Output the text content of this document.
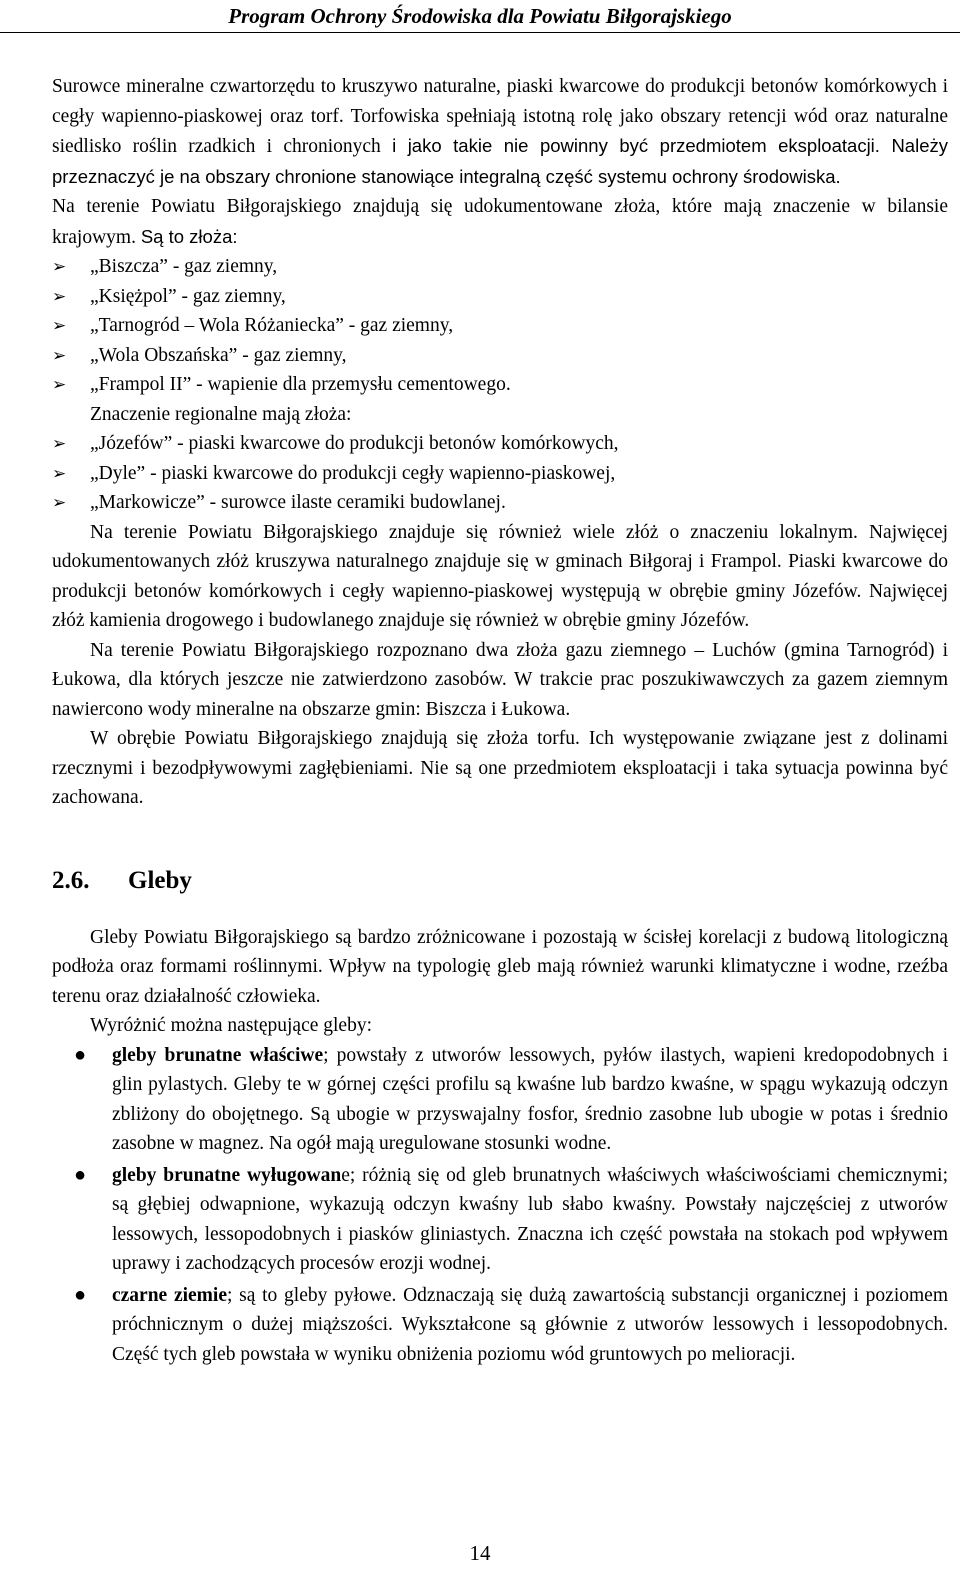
Program Ochrony Środowiska dla Powiatu Biłgorajskiego

Surowce mineralne czwartorzędu to kruszywo naturalne, piaski kwarcowe do produkcji betonów komórkowych i cegły wapienno-piaskowej oraz torf. Torfowiska spełniają istotną rolę jako obszary retencji wód oraz naturalne siedlisko roślin rzadkich i chronionych i jako takie nie powinny być przedmiotem eksploatacji. Należy przeznaczyć je na obszary chronione stanowiące integralną część systemu ochrony środowiska.

Na terenie Powiatu Biłgorajskiego znajdują się udokumentowane złoża, które mają znaczenie w bilansie krajowym. Są to złoża:

➢ „Biszcza” - gaz ziemny,
➢ „Księżpol” - gaz ziemny,
➢ „Tarnogród – Wola Różaniecka” - gaz ziemny,
➢ „Wola Obszańska” - gaz ziemny,
➢ „Frampol II” - wapienie dla przemysłu cementowego.

Znaczenie regionalne mają złoża:

➢ „Józefów” - piaski kwarcowe do produkcji betonów komórkowych,
➢ „Dyle” - piaski kwarcowe do produkcji cegły wapienno-piaskowej,
➢ „Markowicze” - surowce ilaste ceramiki budowlanej.

Na terenie Powiatu Biłgorajskiego znajduje się również wiele złóż o znaczeniu lokalnym. Najwięcej udokumentowanych złóż kruszywa naturalnego znajduje się w gminach Biłgoraj i Frampol. Piaski kwarcowe do produkcji betonów komórkowych i cegły wapienno-piaskowej występują w obrębie gminy Józefów. Najwięcej złóż kamienia drogowego i budowlanego znajduje się również w obrębie gminy Józefów.

Na terenie Powiatu Biłgorajskiego rozpoznano dwa złoża gazu ziemnego – Luchów (gmina Tarnogród) i Łukowa, dla których jeszcze nie zatwierdzono zasobów. W trakcie prac poszukiwawczych za gazem ziemnym nawiercono wody mineralne na obszarze gmin: Biszcza i Łukowa.

W obrębie Powiatu Biłgorajskiego znajdują się złoża torfu. Ich występowanie związane jest z dolinami rzecznymi i bezodpływowymi zagłębieniami. Nie są one przedmiotem eksploatacji i taka sytuacja powinna być zachowana.

2.6. Gleby

Gleby Powiatu Biłgorajskiego są bardzo zróżnicowane i pozostają w ścisłej korelacji z budową litologiczną podłoża oraz formami roślinnymi. Wpływ na typologię gleb mają również warunki klimatyczne i wodne, rzeźba terenu oraz działalność człowieka.

Wyróżnić można następujące gleby:

● gleby brunatne właściwe; powstały z utworów lessowych, pyłów ilastych, wapieni kredopodobnych i glin pylastych. Gleby te w górnej części profilu są kwaśne lub bardzo kwaśne, w spągu wykazują odczyn zbliżony do obojętnego. Są ubogie w przyswajalny fosfor, średnio zasobne lub ubogie w potas i średnio zasobne w magnez. Na ogół mają uregulowane stosunki wodne.
● gleby brunatne wyługowane; różnią się od gleb brunatnych właściwych właściwościami chemicznymi; są głębiej odwapnione, wykazują odczyn kwaśny lub słabo kwaśny. Powstały najczęściej z utworów lessowych, lessopodobnych i piasków gliniastych. Znaczna ich część powstała na stokach pod wpływem uprawy i zachodzących procesów erozji wodnej.
● czarne ziemie; są to gleby pyłowe. Odznaczają się dużą zawartością substancji organicznej i poziomem próchnicznym o dużej miąższości. Wykształcone są głównie z utworów lessowych i lessopodobnych. Część tych gleb powstała w wyniku obniżenia poziomu wód gruntowych po melioracji.
14
